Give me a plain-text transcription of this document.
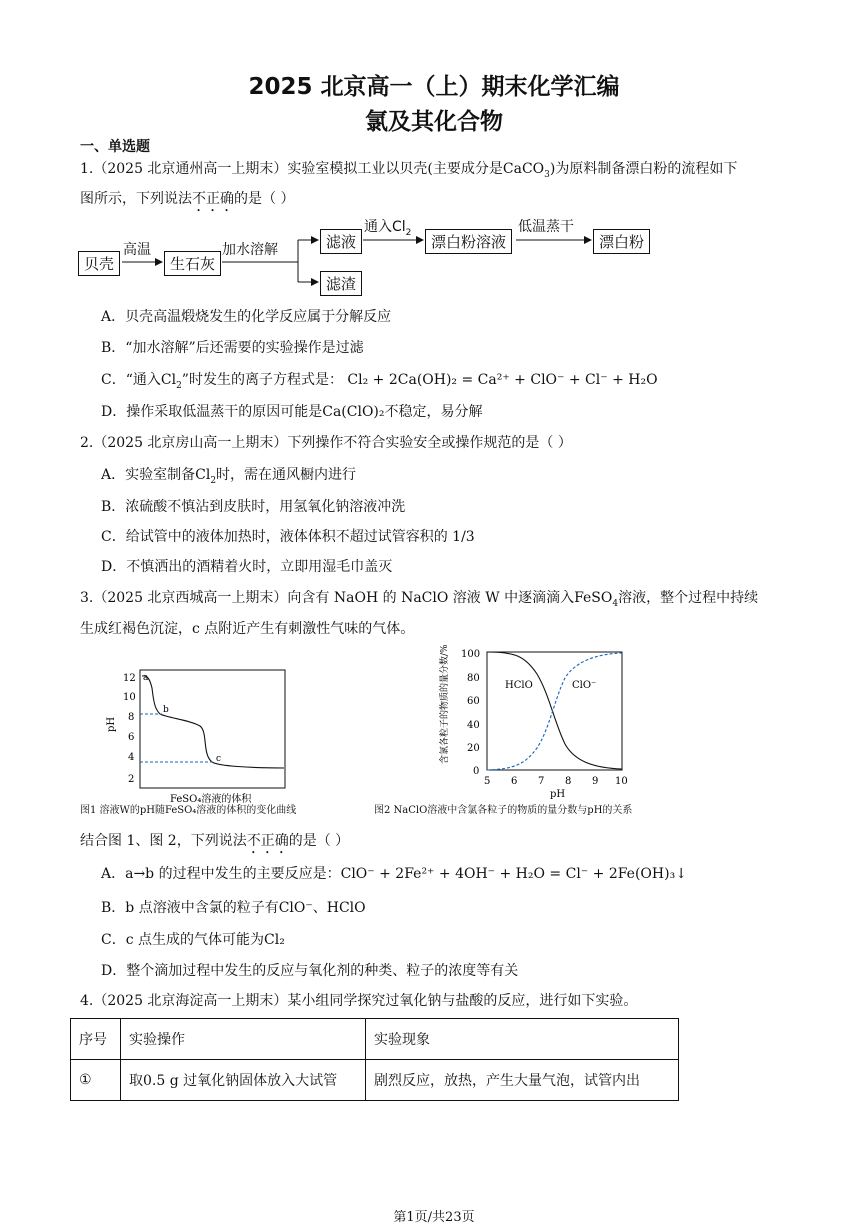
2025 北京高一（上）期末化学汇编
氯及其化合物
一、单选题
1.（2025 北京通州高一上期末）实验室模拟工业以贝壳(主要成分是CaCO$_3$)为原料制备漂白粉的流程如下
图所示，下列说法不正确的是（ ）
贝壳
高温
生石灰
加水溶解	滤液
通入$Cl_2$
漂白粉溶液
低温蒸干
漂白粉
滤渣
A．贝壳高温煅烧发生的化学反应属于分解反应
B．“加水溶解”后还需要的实验操作是过滤
C．“通入$Cl_2$”时发生的离子方程式是： Cl₂ + 2Ca(OH)₂ = Ca²⁺ + ClO⁻ + Cl⁻ + H₂O
D．操作采取低温蒸干的原因可能是Ca(ClO)₂不稳定，易分解
2.（2025 北京房山高一上期末）下列操作不符合实验安全或操作规范的是（ ）
A．实验室制备$Cl_2$时，需在通风橱内进行
B．浓硫酸不慎沾到皮肤时，用氢氧化钠溶液冲洗
C．给试管中的液体加热时，液体体积不超过试管容积的 1/3
D．不慎洒出的酒精着火时，立即用湿毛巾盖灭
3.（2025 北京西城高一上期末）向含有 NaOH 的 NaClO 溶液 W 中逐滴滴入FeSO$_4$溶液，整个过程中持续
生成红褐色沉淀，c 点附近产生有刺激性气味的气体。
12
10
8
6
4
2
pH
a
b
c
FeSO₄溶液的体积
图1 溶液W的pH随FeSO₄溶液的体积的变化曲线
100
80
60
40
20
0
5 6 7 8 9 10
pH
含氯各粒子的物质的量分数/%	HClO	ClO⁻
图2 NaClO溶液中含氯各粒子的物质的量分数与pH的关系
结合图 1、图 2，下列说法不正确的是（ ）
A．a→b 的过程中发生的主要反应是：ClO⁻ + 2Fe²⁺ + 4OH⁻ + H₂O = Cl⁻ + 2Fe(OH)₃↓
B．b 点溶液中含氯的粒子有ClO⁻、HClO
C．c 点生成的气体可能为Cl₂
D．整个滴加过程中发生的反应与氧化剂的种类、粒子的浓度等有关
4.（2025 北京海淀高一上期末）某小组同学探究过氧化钠与盐酸的反应，进行如下实验。
序号	实验操作	实验现象
①	取0.5 g 过氧化钠固体放入大试管	剧烈反应，放热，产生大量气泡，试管内出
第1页/共23页
